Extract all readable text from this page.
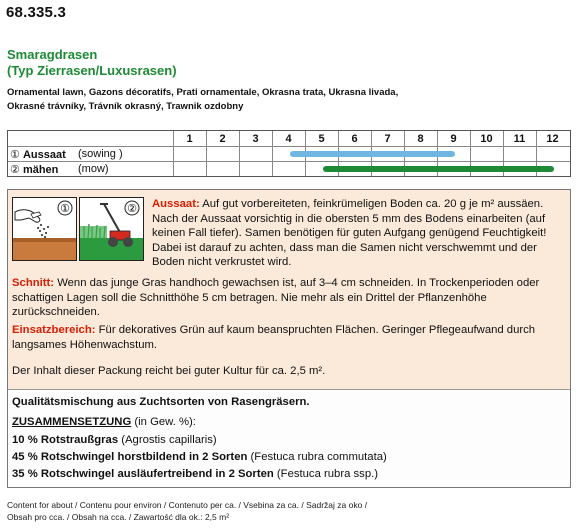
68.335.3
Smaragdrasen
(Typ Zierrasen/Luxusrasen)
Ornamental lawn, Gazons décoratifs, Prati ornamentale, Okrasna trata, Ukrasna livada,
Okrasné trávníky, Trávník okrasný, Trawnik ozdobny
1	2	3	4	5	6	7	8	9	10	11	12
① Aussaat (sowing )
② mähen (mow)
①	② Aussaat: Auf gut vorbereiteten, feinkrümeligen Boden ca. 20 g je m² aussäen. Nach der Aussaat vorsichtig in die obersten 5 mm des Bodens einarbeiten (auf keinen Fall tiefer). Samen benötigen für guten Aufgang genügend Feuchtigkeit! Dabei ist darauf zu achten, dass man die Samen nicht verschwemmt und der Boden nicht verkrustet wird.
Schnitt: Wenn das junge Gras handhoch gewachsen ist, auf 3–4 cm schneiden. In Trockenperioden oder schattigen Lagen soll die Schnitthöhe 5 cm betragen. Nie mehr als ein Drittel der Pflanzenhöhe zurückschneiden.
Einsatzbereich: Für dekoratives Grün auf kaum beanspruchten Flächen. Geringer Pflegeaufwand durch langsames Höhenwachstum.
Der Inhalt dieser Packung reicht bei guter Kultur für ca. 2,5 m².
Qualitätsmischung aus Zuchtsorten von Rasengräsern.
ZUSAMMENSETZUNG (in Gew. %):
10 % Rotstraußgras (Agrostis capillaris)
45 % Rotschwingel horstbildend in 2 Sorten (Festuca rubra commutata)
35 % Rotschwingel ausläufertreibend in 2 Sorten (Festuca rubra ssp.)
Content for about / Contenu pour environ / Contenuto per ca. / Vsebina za ca. / Sadržaj za oko /
Obsah pro cca. / Obsah na cca. / Zawartość dla ok.: 2,5 m²
